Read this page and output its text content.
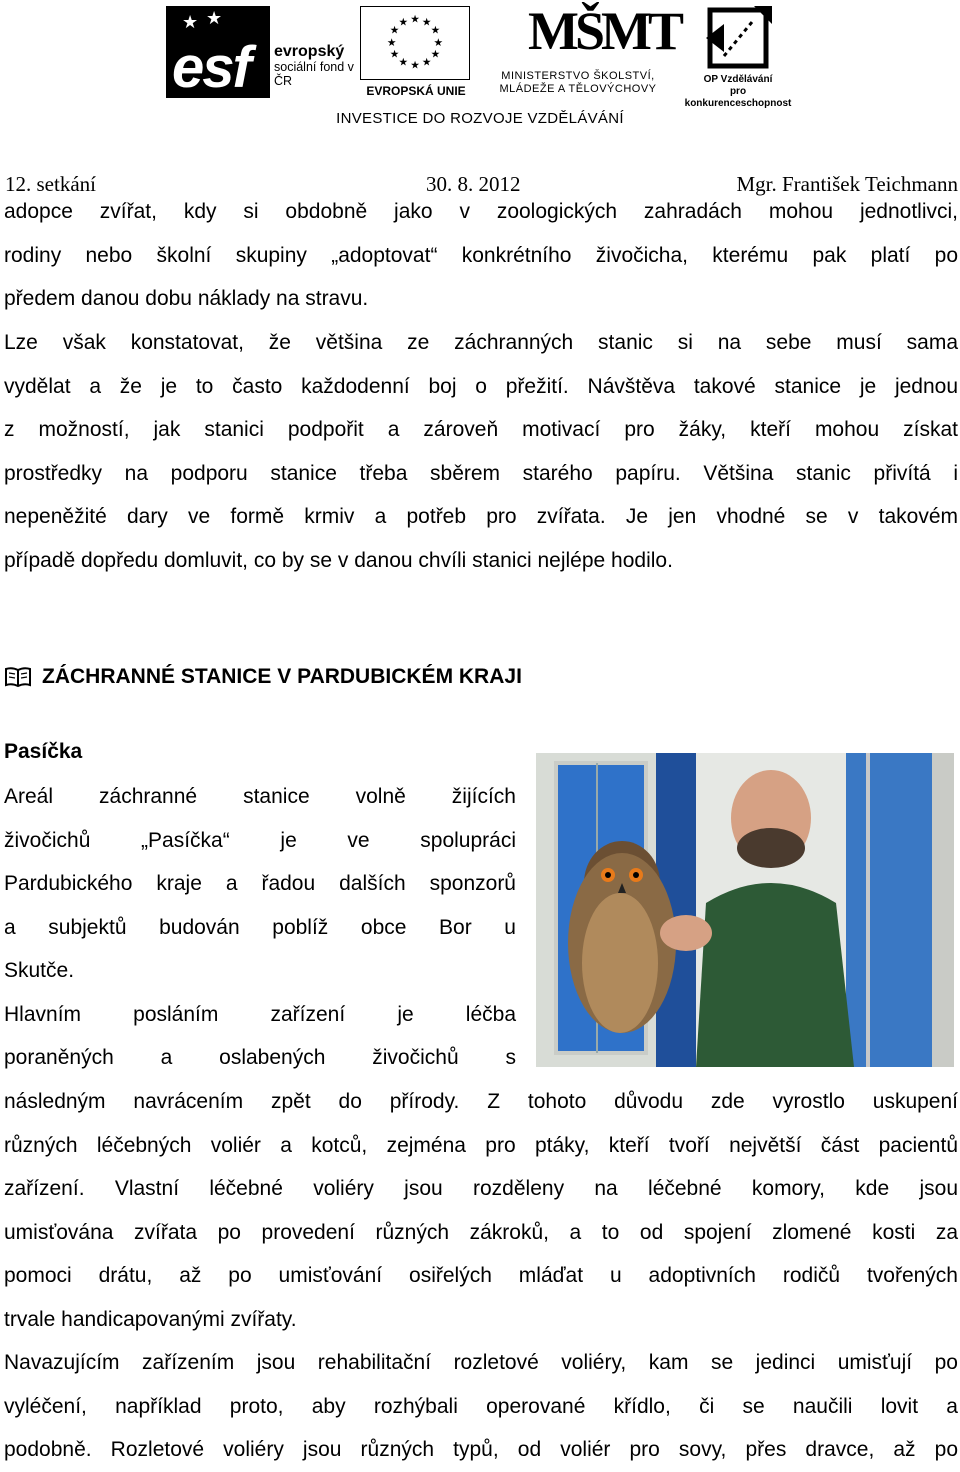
★ ★
esf evropský
sociální fond v ČR
★ ★
★
★
★
★
★
★
★
★
★
★
EVROPSKÁ UNIE
MŠMT
MINISTERSTVO ŠKOLSTVÍ,
MLÁDEŽE A TĚLOVÝCHOVY
OP Vzdělávání
pro konkurenceschopnost
INVESTICE DO ROZVOJE VZDĚLÁVÁNÍ
12. setkání	30. 8. 2012	Mgr. František Teichmann
adopce zvířat, kdy si obdobně jako v zoologických zahradách mohou jednotlivci,
rodiny nebo školní skupiny „adoptovat“ konkrétního živočicha, kterému pak platí po
předem danou dobu náklady na stravu.
Lze však konstatovat, že většina ze záchranných stanic si na sebe musí sama
vydělat a že je to často každodenní boj o přežití. Návštěva takové stanice je jednou
z možností, jak stanici podpořit a zároveň motivací pro žáky, kteří mohou získat
prostředky na podporu stanice třeba sběrem starého papíru. Většina stanic přivítá i
nepeněžité dary ve formě krmiv a potřeb pro zvířata. Je jen vhodné se v takovém
případě dopředu domluvit, co by se v danou chvíli stanici nejlépe hodilo.
ZÁCHRANNÉ STANICE V PARDUBICKÉM KRAJI
Pasíčka
Areál záchranné stanice volně žijících
živočichů „Pasíčka“ je ve spolupráci
Pardubického kraje a řadou dalších sponzorů
a subjektů budován poblíž obce Bor u
Skutče.
Hlavním posláním zařízení je léčba
poraněných a oslabených živočichů s
následným navrácením zpět do přírody. Z tohoto důvodu zde vyrostlo uskupení
různých léčebných voliér a kotců, zejména pro ptáky, kteří tvoří největší část pacientů
zařízení. Vlastní léčebné voliéry jsou rozděleny na léčebné komory, kde jsou
umisťována zvířata po provedení různých zákroků, a to od spojení zlomené kosti za
pomoci drátu, až po umisťování osiřelých mláďat u adoptivních rodičů tvořených
trvale handicapovanými zvířaty.
Navazujícím zařízením jsou rehabilitační rozletové voliéry, kam se jedinci umisťují po
vyléčení, například proto, aby rozhýbali operované křídlo, či se naučili lovit a
podobně. Rozletové voliéry jsou různých typů, od voliér pro sovy, přes dravce, až po
